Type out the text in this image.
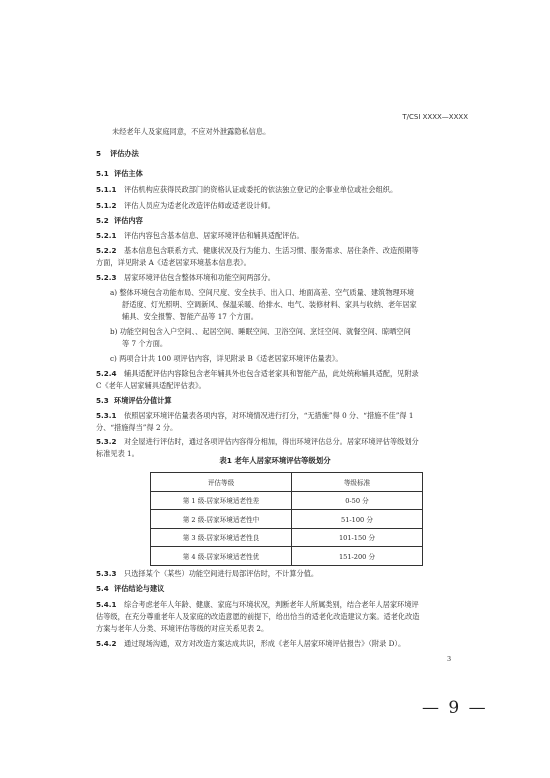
T/CSI XXXX—XXXX
未经老年人及家庭同意，不应对外泄露隐私信息。
5 评估办法
5.1 评估主体
5.1.1 评估机构应获得民政部门的资格认证或委托的依法独立登记的企事业单位或社会组织。
5.1.2 评估人员应为适老化改造评估师或适老设计师。
5.2 评估内容
5.2.1 评估内容包含基本信息、居家环境评估和辅具适配评估。
5.2.2 基本信息包含联系方式、健康状况及行为能力、生活习惯、服务需求、居住条件、改造预期等
方面，详见附录 A《适老居家环境基本信息表》。
5.2.3 居家环境评估包含整体环境和功能空间两部分。
a) 整体环境包含功能布局、空间尺度、安全扶手、出入口、地面高差、空气质量、建筑物理环境
舒适度、灯光照明、空调新风、保温采暖、给排水、电气、装修材料、家具与收纳、老年居家
辅具、安全报警、智能产品等 17 个方面。
b) 功能空间包含入户空间、、起居空间、睡眠空间、卫浴空间、烹饪空间、就餐空间、晾晒空间
等 7 个方面。
c) 两项合计共 100 项评估内容，详见附录 B《适老居家环境评估量表》。
5.2.4 辅具适配评估内容除包含老年辅具外也包含适老家具和智能产品，此处统称辅具适配，见附录
C《老年人居家辅具适配评估表》。
5.3 环境评估分值计算
5.3.1 依照居家环境评估量表各项内容，对环境情况进行打分，“无措施”得 0 分、“措施不佳”得 1
分、“措施得当”得 2 分。
5.3.2 对全屋进行评估时，通过各项评估内容得分相加，得出环境评估总分。居家环境评估等级划分
表1 老年人居家环境评估等级划分
评估等级	等级标准
第 1 级-居家环境适老性差	0-50 分
第 2 级-居家环境适老性中	51-100 分
第 3 级-居家环境适老性良	101-150 分
第 4 级-居家环境适老性优	151-200 分
5.3.3 只选择某个（某些）功能空间进行局部评估时，不计算分值。
5.4 评估结论与建议
5.4.1 综合考虑老年人年龄、健康、家庭与环境状况，判断老年人所属类别，结合老年人居家环境评
估等级，在充分尊重老年人及家庭的改造意愿的前提下，给出恰当的适老化改造建议方案。适老化改造
方案与老年人分类、环境评估等级的对应关系见表 2。
5.4.2 通过现场沟通，双方对改造方案达成共识，形成《老年人居家环境评估报告》（附录 D）。
3
— 9 —
标准见表 1。
